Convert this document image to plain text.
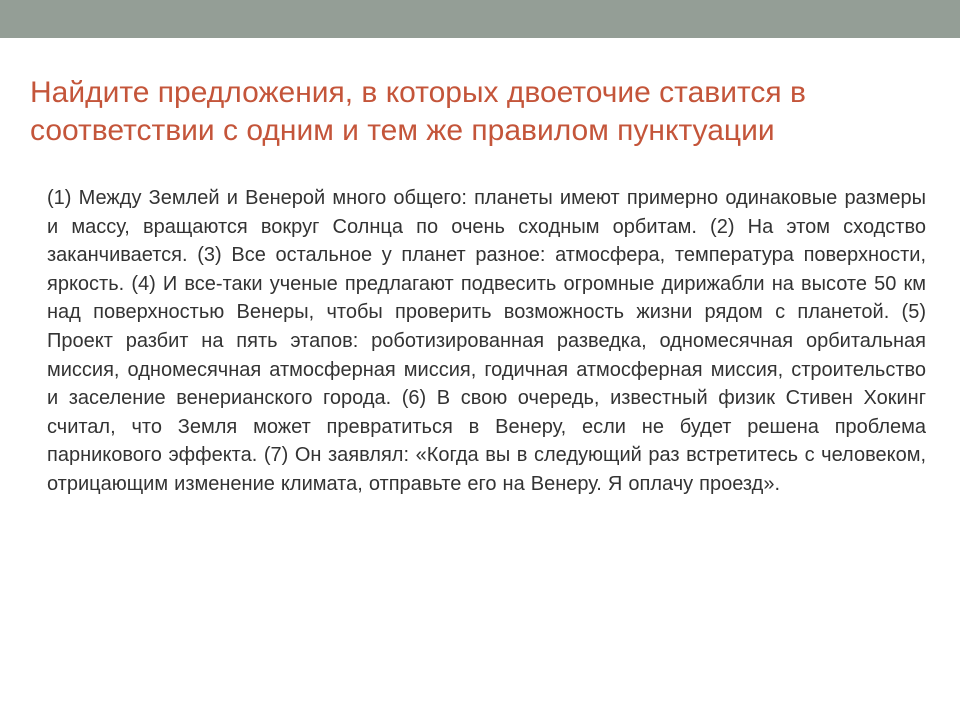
Найдите предложения, в которых двоеточие ставится в соответствии с одним и тем же правилом пунктуации

(1) Между Землей и Венерой много общего: планеты имеют примерно одинаковые размеры и массу, вращаются вокруг Солнца по очень сходным орбитам. (2) На этом сходство заканчивается. (3) Все остальное у планет разное: атмосфера, температура поверхности, яркость. (4) И все-таки ученые предлагают подвесить огромные дирижабли на высоте 50 км над поверхностью Венеры, чтобы проверить возможность жизни рядом с планетой. (5) Проект разбит на пять этапов: роботизированная разведка, одномесячная орбитальная миссия, одномесячная атмосферная миссия, годичная атмосферная миссия, строительство и заселение венерианского города. (6) В свою очередь, известный физик Стивен Хокинг считал, что Земля может превратиться в Венеру, если не будет решена проблема парникового эффекта. (7) Он заявлял: «Когда вы в следующий раз встретитесь с человеком, отрицающим изменение климата, отправьте его на Венеру. Я оплачу проезд».
